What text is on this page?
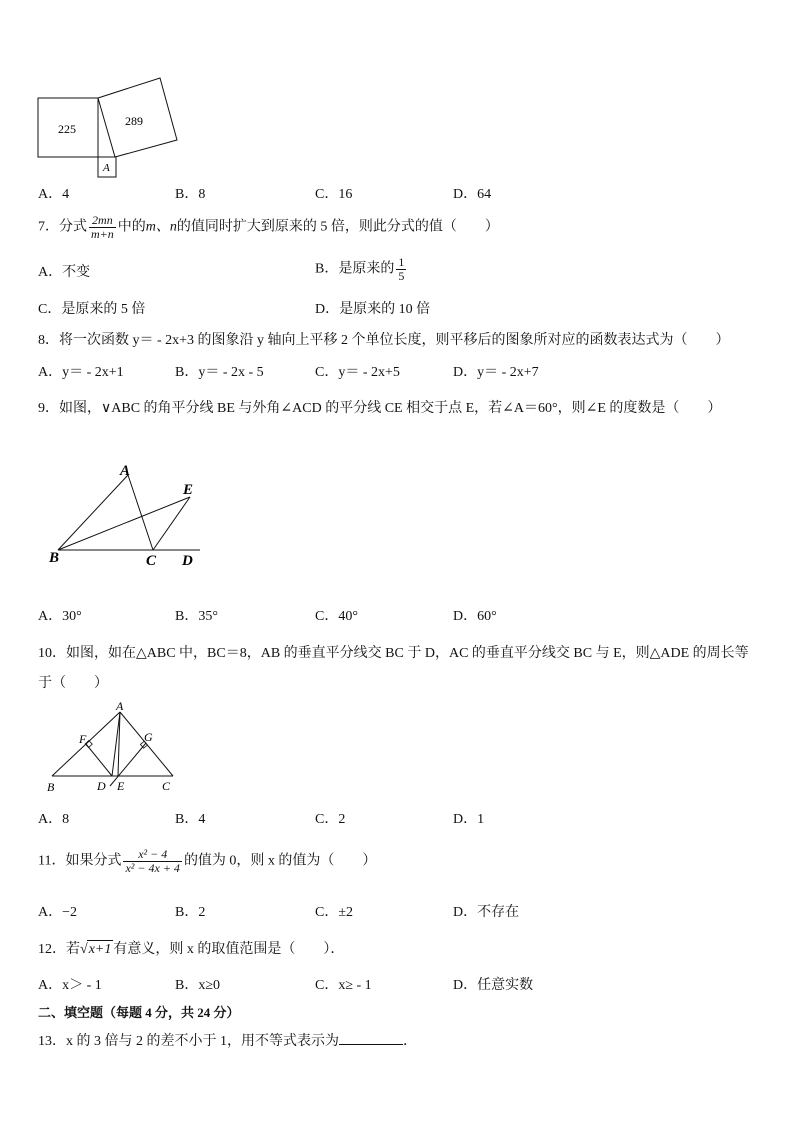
225
289
A
A．4	B．8	C．16	D．64
7．分式 $\frac{2mn}{m+n}$ 中的m、n的值同时扩大到原来的 5 倍，则此分式的值（　　）
A．不变	B．是原来的 $\frac{1}{5}$
C．是原来的 5 倍	D．是原来的 10 倍
8．将一次函数 y＝ - 2x+3 的图象沿 y 轴向上平移 2 个单位长度，则平移后的图象所对应的函数表达式为（　　）
A．y＝ - 2x+1	B．y＝ - 2x - 5	C．y＝ - 2x+5	D．y＝ - 2x+7
9．如图，∨ABC 的角平分线 BE 与外角∠ACD 的平分线 CE 相交于点 E，若∠A＝60°，则∠E 的度数是（　　）
A
E
B	C D
A．30°	B．35°	C．40°	D．60°
10．如图，如在△ABC 中，BC＝8，AB 的垂直平分线交 BC 于 D，AC 的垂直平分线交 BC 与 E，则△ADE 的周长等
于（　　）
A
F	G
B	D E	C
A．8	B．4	C．2	D．1
11．如果分式 $\frac{\text{x² − 4}}{\text{x² − 4x + 4}}$ 的值为 0，则 x 的值为（　　）
A．−2	B．2	C．±2	D．不存在
12．若√x+1 有意义，则 x 的取值范围是（　　）．
A．x＞ - 1	B．x≥0	C．x≥ - 1	D．任意实数
二、填空题（每题 4 分，共 24 分）
13．x 的 3 倍与 2 的差不小于 1，用不等式表示为	．
